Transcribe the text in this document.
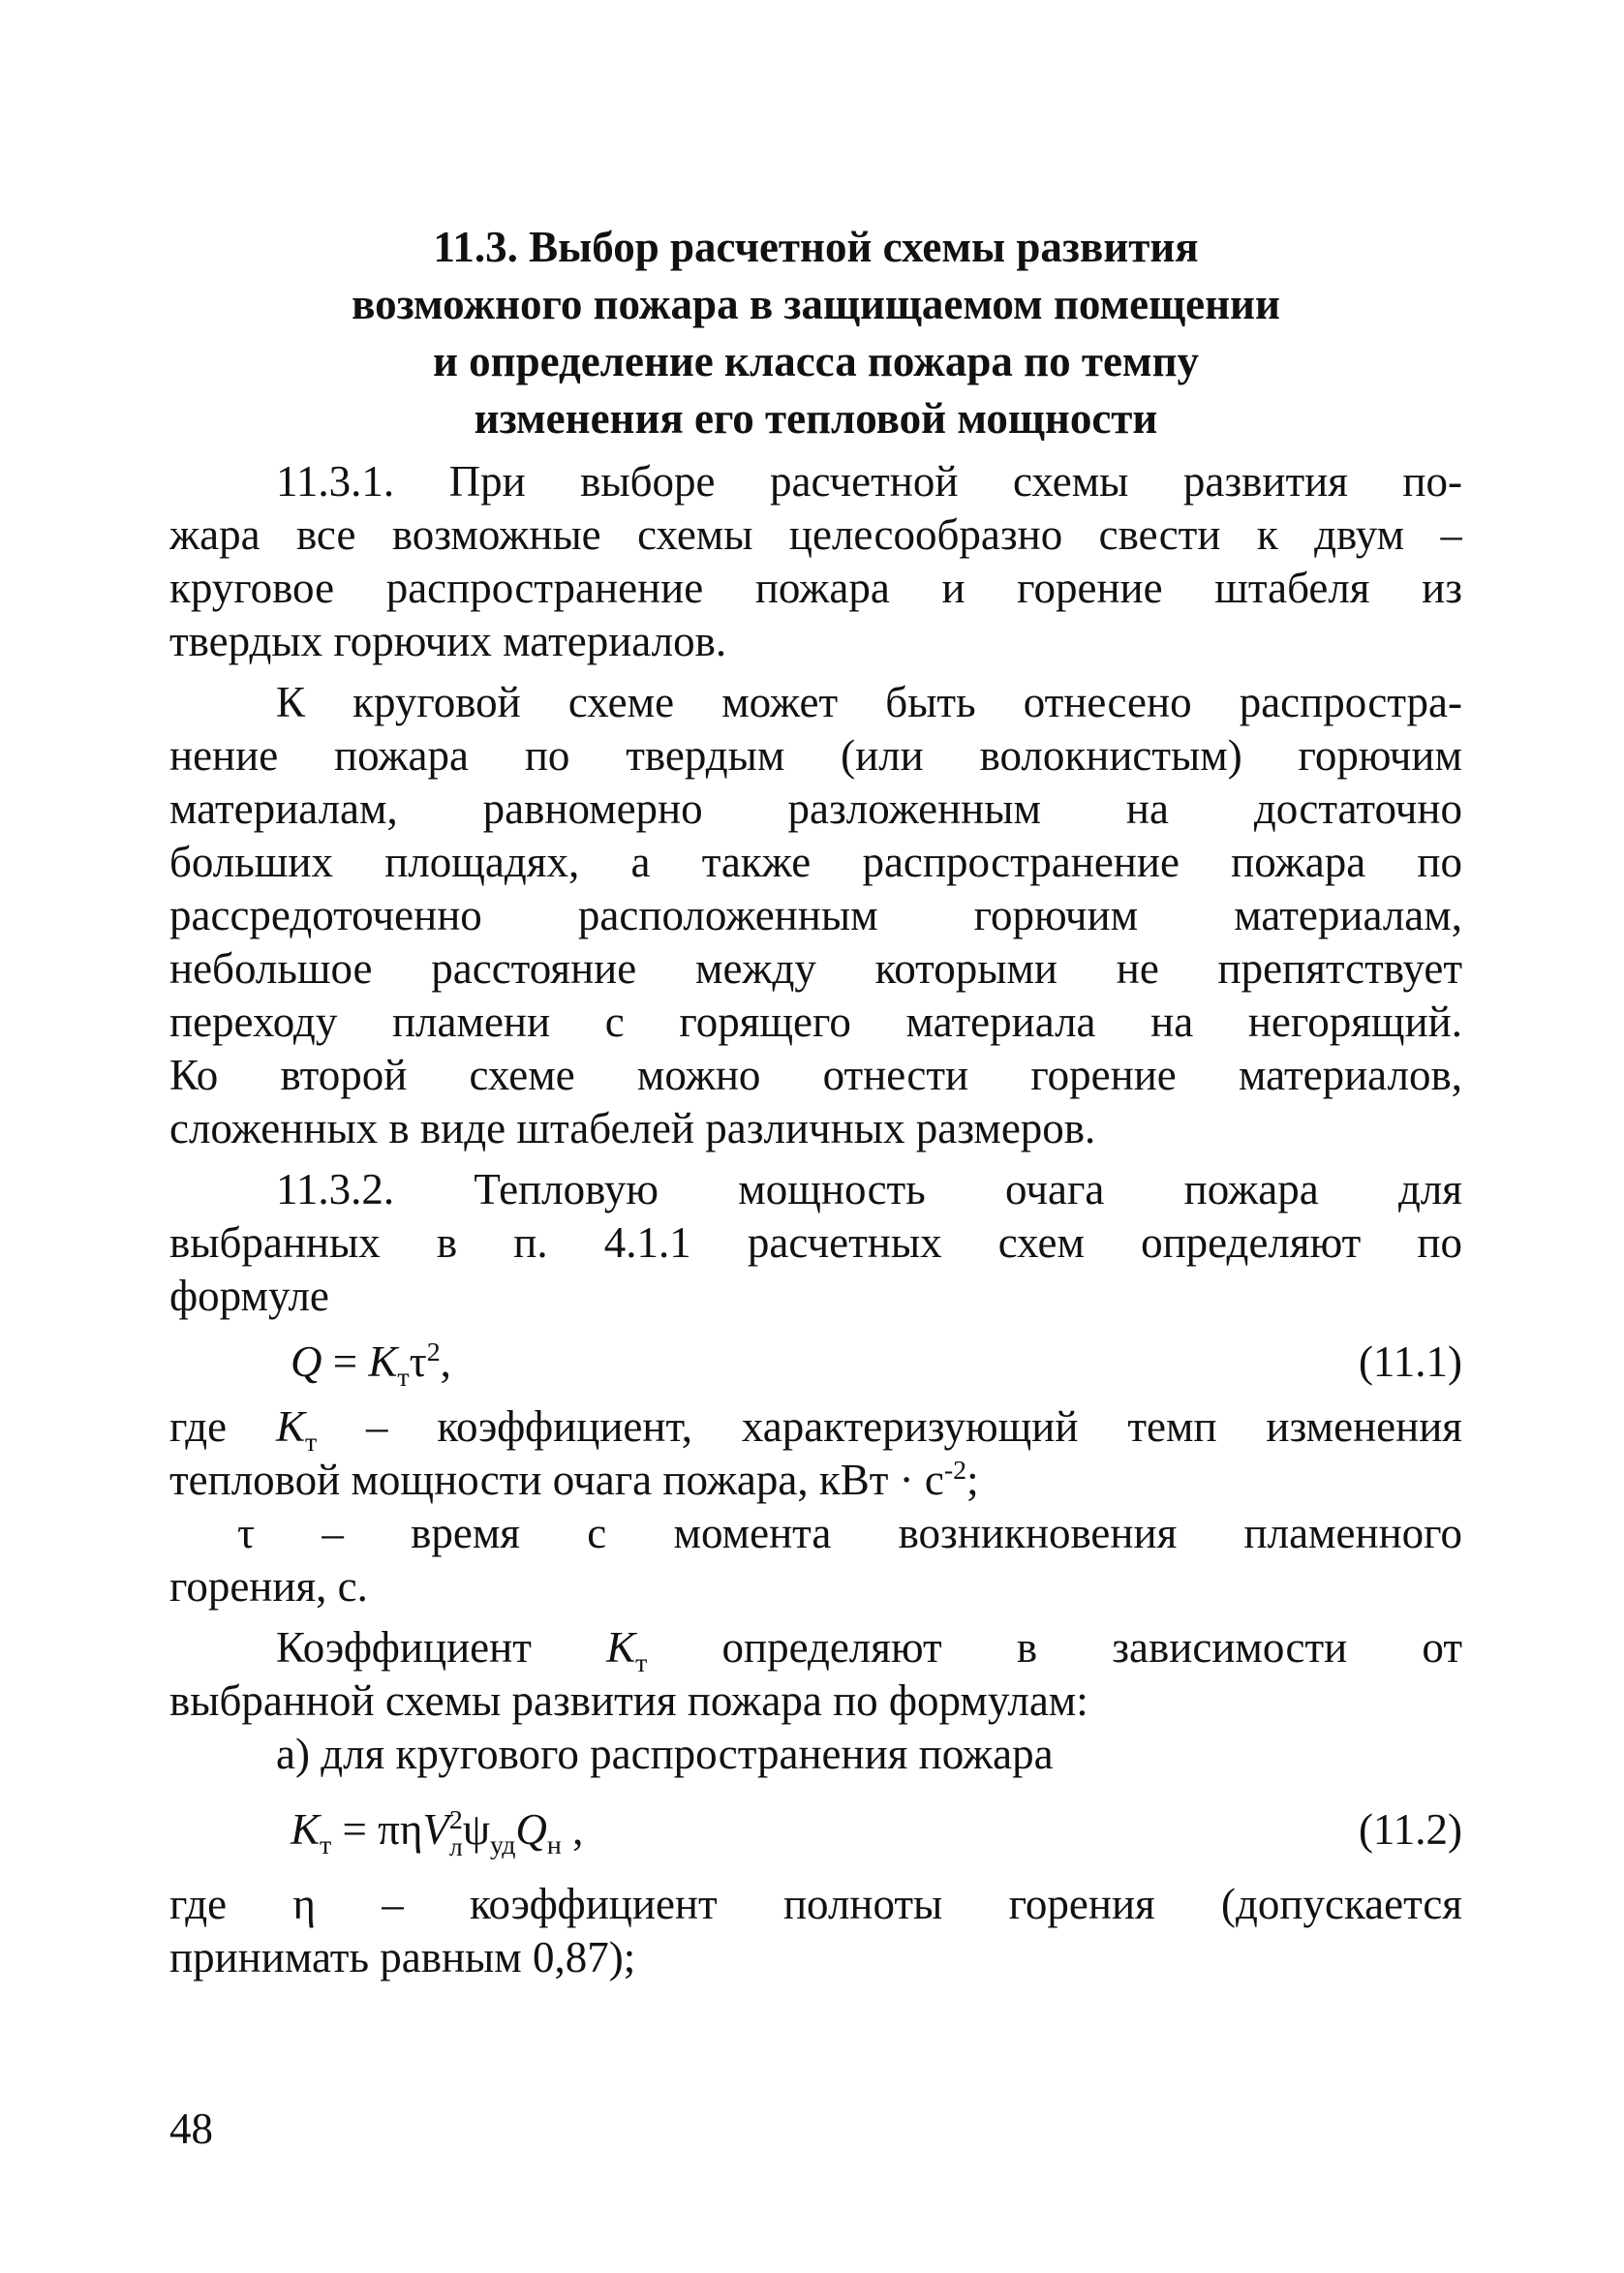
11.3. Выбор расчетной схемы развития
возможного пожара в защищаемом помещении
и определение класса пожара по темпу
изменения его тепловой мощности
11.3.1. При выборе расчетной схемы развития по-
жара все возможные схемы целесообразно свести к двум –
круговое распространение пожара и горение штабеля из
твердых горючих материалов.
К круговой схеме может быть отнесено распростра-
нение пожара по твердым (или волокнистым) горючим
материалам, равномерно разложенным на достаточно
больших площадях, а также распространение пожара по
рассредоточенно расположенным горючим материалам,
небольшое расстояние между которыми не препятствует
переходу пламени с горящего материала на негорящий.
Ко второй схеме можно отнести горение материалов,
сложенных в виде штабелей различных размеров.
11.3.2. Тепловую мощность очага пожара для
выбранных в п. 4.1.1 расчетных схем определяют по
формуле
$Q = K_т\tau^2$,	(11.1)
где $K_т$ – коэффициент, характеризующий темп изменения
тепловой мощности очага пожара, кВт · $с^{-2}$;
τ – время с момента возникновения пламенного
горения, с.
Коэффициент $K_т$ определяют в зависимости от
выбранной схемы развития пожара по формулам:
а) для кругового распространения пожара
$K_т = \pi\eta V$ 2
л $\psi_{уд}Q_н$ ,	(11.2)
где η – коэффициент полноты горения (допускается
принимать равным 0,87);
48
